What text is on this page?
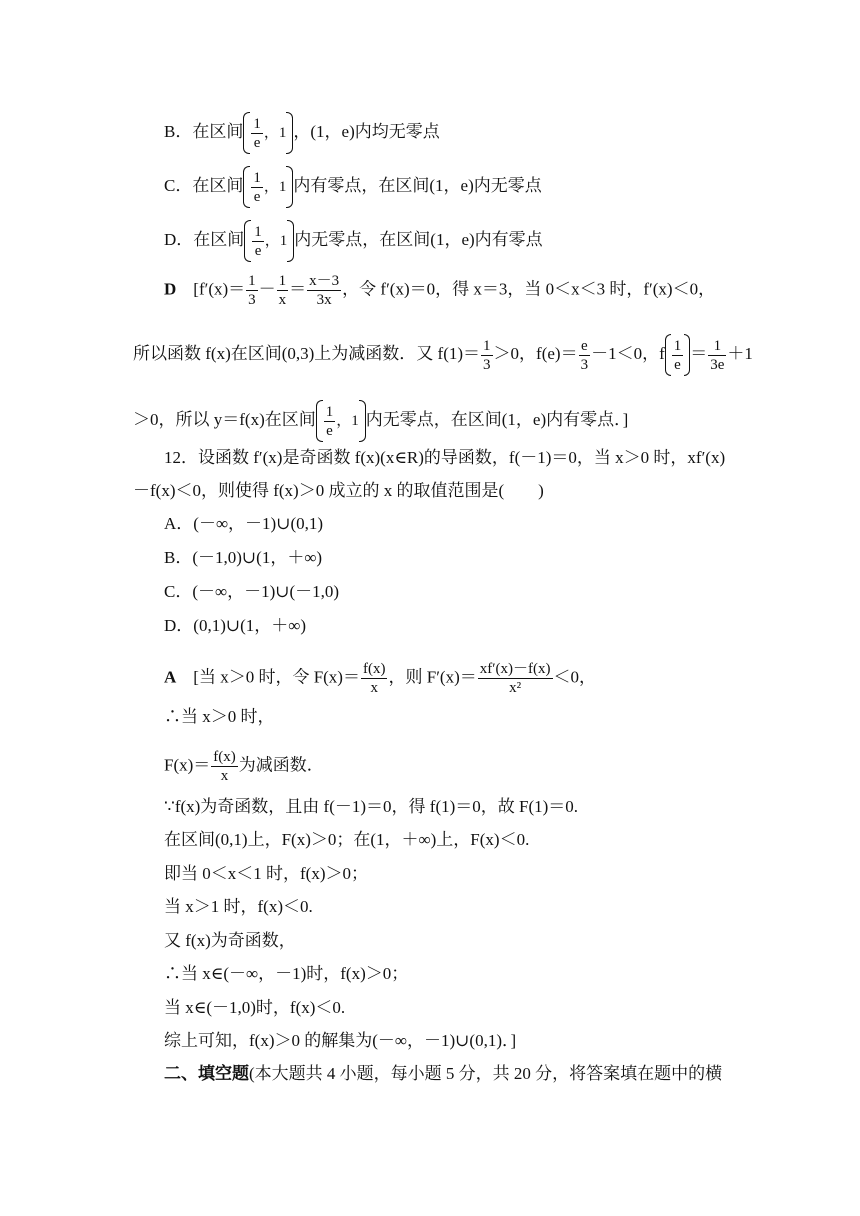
B．在区间 $\frac{1}{e}$ ，1 ，(1，e)内均无零点
C．在区间 $\frac{1}{e}$ ，1 内有零点，在区间(1，e)内无零点
D．在区间 $\frac{1}{e}$ ，1 内无零点，在区间(1，e)内有零点
D [$f'(x)= \frac{1}{3} - \frac{1}{x} = \frac{x-3}{3x}$ ，令 f′(x)＝0，得 x＝3，当 0＜x＜3 时，f′(x)＜0，
所以函数 f(x)在区间(0,3)上为减函数．又 $f(1)= \frac{1}{3} >0$，$f(e)= \frac{e}{3} -1<0$，f $\frac{1}{e} = \frac{1}{3e} +1$
＞0，所以 y＝f(x)在区间 $\frac{1}{e}$ ，1 内无零点，在区间(1，e)内有零点．]
12．设函数 f′(x)是奇函数 f(x)(x∈R)的导函数，f(－1)＝0，当 x＞0 时，xf′(x)
－f(x)＜0，则使得 f(x)＞0 成立的 x 的取值范围是(　　)
A．(－∞，－1)∪(0,1)
B．(－1,0)∪(1，＋∞)
C．(－∞，－1)∪(－1,0)
D．(0,1)∪(1，＋∞)
A [当 x＞0 时，令 $F(x)= \frac{f(x)}{x}$ ，则 $F'(x)= \frac{xf'(x)-f(x)}{\text{x²}} <0$，
∴当 x＞0 时，
$F(x)= \frac{f(x)}{x}$ 为减函数．
∵f(x)为奇函数，且由 f(－1)＝0，得 f(1)＝0，故 F(1)＝0.
在区间(0,1)上，F(x)＞0；在(1，＋∞)上，F(x)＜0.
即当 0＜x＜1 时，f(x)＞0；
当 x＞1 时，f(x)＜0.
又 f(x)为奇函数，
∴当 x∈(－∞，－1)时，f(x)＞0；
当 x∈(－1,0)时，f(x)＜0.
综上可知，f(x)＞0 的解集为(－∞，－1)∪(0,1)．]
二、填空题(本大题共 4 小题，每小题 5 分，共 20 分，将答案填在题中的横
